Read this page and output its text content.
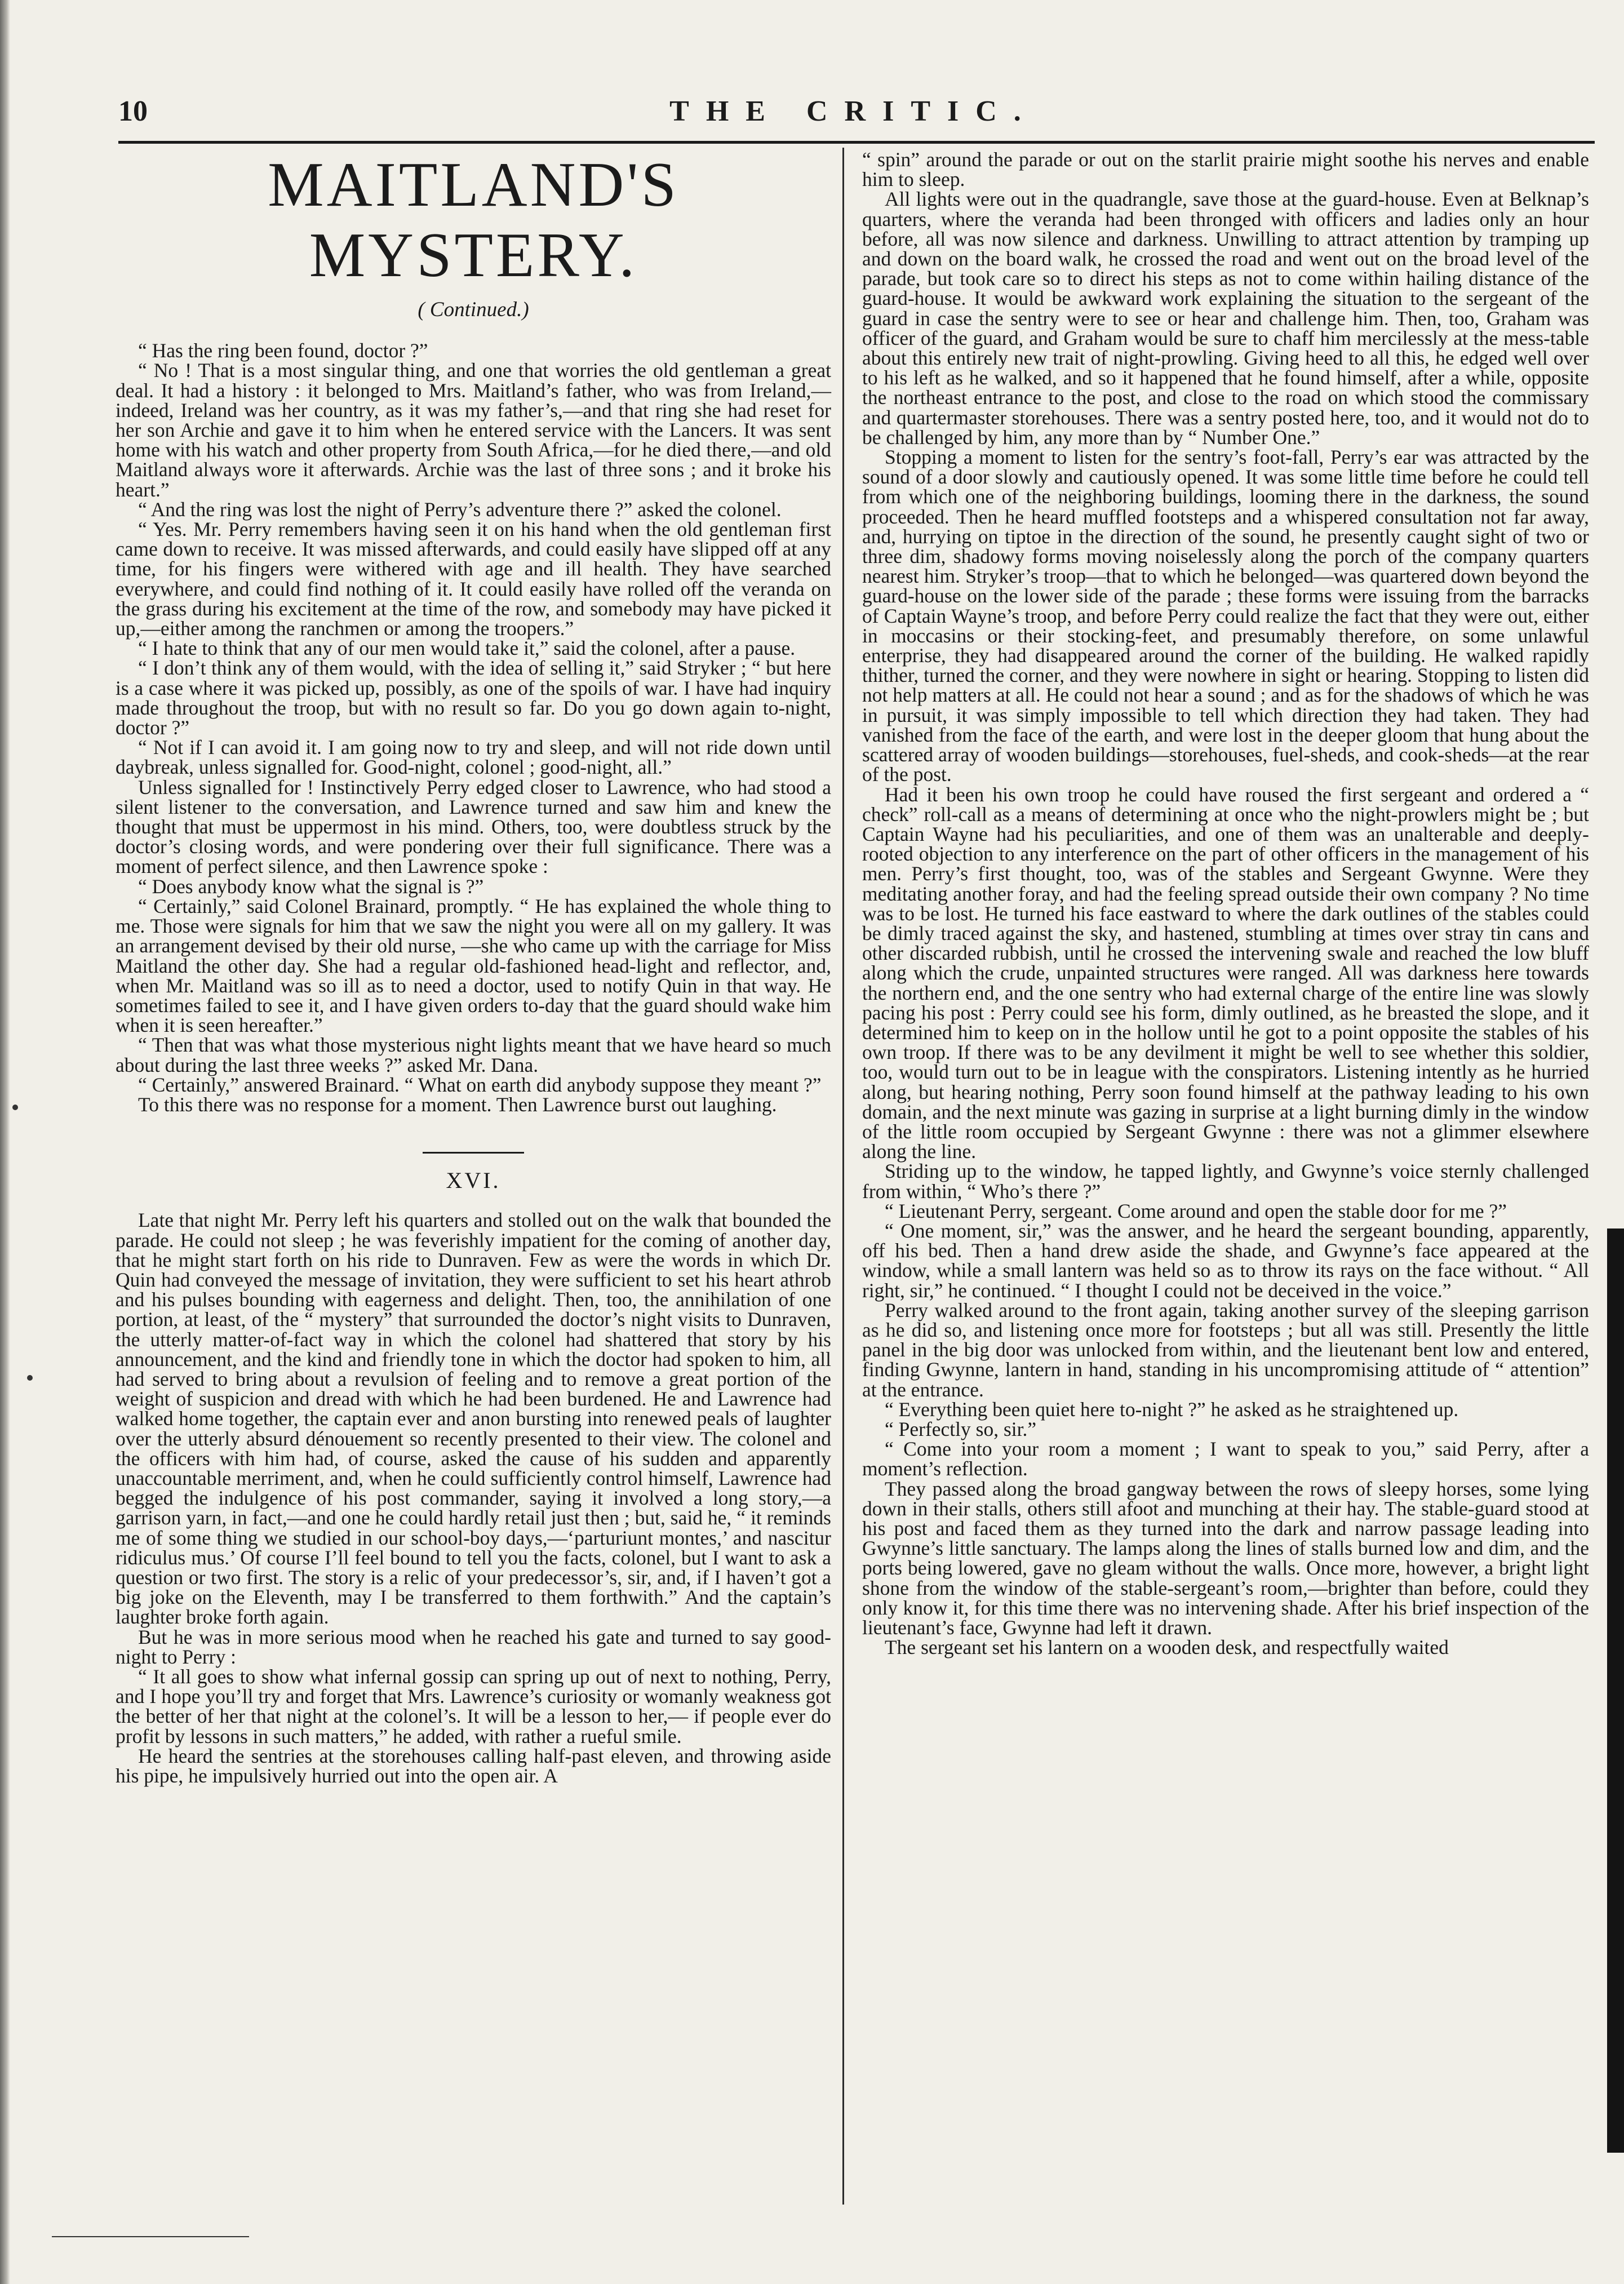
10	THE CRITIC.
MAITLAND'S MYSTERY.
( Continued.)

“ Has the ring been found, doctor ?”

“ No ! That is a most singular thing, and one that worries the old gentleman a great deal. It had a history : it belonged to Mrs. Maitland’s father, who was from Ireland,—indeed, Ireland was her country, as it was my father’s,—and that ring she had reset for her son Archie and gave it to him when he entered service with the Lancers. It was sent home with his watch and other property from South Africa,—for he died there,—and old Maitland always wore it afterwards. Archie was the last of three sons ; and it broke his heart.”

“ And the ring was lost the night of Perry’s adventure there ?” asked the colonel.

“ Yes. Mr. Perry remembers having seen it on his hand when the old gentleman first came down to receive. It was missed afterwards, and could easily have slipped off at any time, for his fingers were withered with age and ill health. They have searched everywhere, and could find nothing of it. It could easily have rolled off the veranda on the grass during his excitement at the time of the row, and somebody may have picked it up,—either among the ranchmen or among the troopers.”

“ I hate to think that any of our men would take it,” said the colonel, after a pause.

“ I don’t think any of them would, with the idea of selling it,” said Stryker ; “ but here is a case where it was picked up, possibly, as one of the spoils of war. I have had inquiry made throughout the troop, but with no result so far. Do you go down again to-night, doctor ?”

“ Not if I can avoid it. I am going now to try and sleep, and will not ride down until daybreak, unless signalled for. Good-night, colonel ; good-night, all.”

Unless signalled for ! Instinctively Perry edged closer to Lawrence, who had stood a silent listener to the conversation, and Lawrence turned and saw him and knew the thought that must be uppermost in his mind. Others, too, were doubtless struck by the doctor’s closing words, and were pondering over their full significance. There was a moment of perfect silence, and then Lawrence spoke :

“ Does anybody know what the signal is ?”

“ Certainly,” said Colonel Brainard, promptly. “ He has explained the whole thing to me. Those were signals for him that we saw the night you were all on my gallery. It was an arrangement devised by their old nurse, —she who came up with the carriage for Miss Maitland the other day. She had a regular old-fashioned head-light and reflector, and, when Mr. Maitland was so ill as to need a doctor, used to notify Quin in that way. He sometimes failed to see it, and I have given orders to-day that the guard should wake him when it is seen hereafter.”

“ Then that was what those mysterious night lights meant that we have heard so much about during the last three weeks ?” asked Mr. Dana.

“ Certainly,” answered Brainard. “ What on earth did anybody suppose they meant ?”

To this there was no response for a moment. Then Lawrence burst out laughing.

XVI.

Late that night Mr. Perry left his quarters and stolled out on the walk that bounded the parade. He could not sleep ; he was feverishly impatient for the coming of another day, that he might start forth on his ride to Dunraven. Few as were the words in which Dr. Quin had conveyed the message of invitation, they were sufficient to set his heart athrob and his pulses bounding with eagerness and delight. Then, too, the annihilation of one portion, at least, of the “ mystery” that surrounded the doctor’s night visits to Dunraven, the utterly matter-of-fact way in which the colonel had shattered that story by his announcement, and the kind and friendly tone in which the doctor had spoken to him, all had served to bring about a revulsion of feeling and to remove a great portion of the weight of suspicion and dread with which he had been burdened. He and Lawrence had walked home together, the captain ever and anon bursting into renewed peals of laughter over the utterly absurd dénouement so recently presented to their view. The colonel and the officers with him had, of course, asked the cause of his sudden and apparently unaccountable merriment, and, when he could sufficiently control himself, Lawrence had begged the indulgence of his post commander, saying it involved a long story,—a garrison yarn, in fact,—and one he could hardly retail just then ; but, said he, “ it reminds me of some thing we studied in our school-boy days,—‘parturiunt montes,’ and nascitur ridiculus mus.’ Of course I’ll feel bound to tell you the facts, colonel, but I want to ask a question or two first. The story is a relic of your predecessor’s, sir, and, if I haven’t got a big joke on the Eleventh, may I be transferred to them forthwith.” And the captain’s laughter broke forth again.

But he was in more serious mood when he reached his gate and turned to say good-night to Perry :

“ It all goes to show what infernal gossip can spring up out of next to nothing, Perry, and I hope you’ll try and forget that Mrs. Lawrence’s curiosity or womanly weakness got the better of her that night at the colonel’s. It will be a lesson to her,— if people ever do profit by lessons in such matters,” he added, with rather a rueful smile.

He heard the sentries at the storehouses calling half-past eleven, and throwing aside his pipe, he impulsively hurried out into the open air. A

“ spin” around the parade or out on the starlit prairie might soothe his nerves and enable him to sleep.

All lights were out in the quadrangle, save those at the guard-house. Even at Belknap’s quarters, where the veranda had been thronged with officers and ladies only an hour before, all was now silence and darkness. Unwilling to attract attention by tramping up and down on the board walk, he crossed the road and went out on the broad level of the parade, but took care so to direct his steps as not to come within hailing distance of the guard-house. It would be awkward work explaining the situation to the sergeant of the guard in case the sentry were to see or hear and challenge him. Then, too, Graham was officer of the guard, and Graham would be sure to chaff him mercilessly at the mess-table about this entirely new trait of night-prowling. Giving heed to all this, he edged well over to his left as he walked, and so it happened that he found himself, after a while, opposite the northeast entrance to the post, and close to the road on which stood the commissary and quartermaster storehouses. There was a sentry posted here, too, and it would not do to be challenged by him, any more than by “ Number One.”

Stopping a moment to listen for the sentry’s foot-fall, Perry’s ear was attracted by the sound of a door slowly and cautiously opened. It was some little time before he could tell from which one of the neighboring buildings, looming there in the darkness, the sound proceeded. Then he heard muffled footsteps and a whispered consultation not far away, and, hurrying on tiptoe in the direction of the sound, he presently caught sight of two or three dim, shadowy forms moving noiselessly along the porch of the company quarters nearest him. Stryker’s troop—that to which he belonged—was quartered down beyond the guard-house on the lower side of the parade ; these forms were issuing from the barracks of Captain Wayne’s troop, and before Perry could realize the fact that they were out, either in moccasins or their stocking-feet, and presumably therefore, on some unlawful enterprise, they had disappeared around the corner of the building. He walked rapidly thither, turned the corner, and they were nowhere in sight or hearing. Stopping to listen did not help matters at all. He could not hear a sound ; and as for the shadows of which he was in pursuit, it was simply impossible to tell which direction they had taken. They had vanished from the face of the earth, and were lost in the deeper gloom that hung about the scattered array of wooden buildings—storehouses, fuel-sheds, and cook-sheds—at the rear of the post.

Had it been his own troop he could have roused the first sergeant and ordered a “ check” roll-call as a means of determining at once who the night-prowlers might be ; but Captain Wayne had his peculiarities, and one of them was an unalterable and deeply-rooted objection to any interference on the part of other officers in the management of his men. Perry’s first thought, too, was of the stables and Sergeant Gwynne. Were they meditating another foray, and had the feeling spread outside their own company ? No time was to be lost. He turned his face eastward to where the dark outlines of the stables could be dimly traced against the sky, and hastened, stumbling at times over stray tin cans and other discarded rubbish, until he crossed the intervening swale and reached the low bluff along which the crude, unpainted structures were ranged. All was darkness here towards the northern end, and the one sentry who had external charge of the entire line was slowly pacing his post : Perry could see his form, dimly outlined, as he breasted the slope, and it determined him to keep on in the hollow until he got to a point opposite the stables of his own troop. If there was to be any devilment it might be well to see whether this soldier, too, would turn out to be in league with the conspirators. Listening intently as he hurried along, but hearing nothing, Perry soon found himself at the pathway leading to his own domain, and the next minute was gazing in surprise at a light burning dimly in the window of the little room occupied by Sergeant Gwynne : there was not a glimmer elsewhere along the line.

Striding up to the window, he tapped lightly, and Gwynne’s voice sternly challenged from within, “ Who’s there ?”

“ Lieutenant Perry, sergeant. Come around and open the stable door for me ?”

“ One moment, sir,” was the answer, and he heard the sergeant bounding, apparently, off his bed. Then a hand drew aside the shade, and Gwynne’s face appeared at the window, while a small lantern was held so as to throw its rays on the face without. “ All right, sir,” he continued. “ I thought I could not be deceived in the voice.”

Perry walked around to the front again, taking another survey of the sleeping garrison as he did so, and listening once more for footsteps ; but all was still. Presently the little panel in the big door was unlocked from within, and the lieutenant bent low and entered, finding Gwynne, lantern in hand, standing in his uncompromising attitude of “ attention” at the entrance.

“ Everything been quiet here to-night ?” he asked as he straightened up.

“ Perfectly so, sir.”

“ Come into your room a moment ; I want to speak to you,” said Perry, after a moment’s reflection.

They passed along the broad gangway between the rows of sleepy horses, some lying down in their stalls, others still afoot and munching at their hay. The stable-guard stood at his post and faced them as they turned into the dark and narrow passage leading into Gwynne’s little sanctuary. The lamps along the lines of stalls burned low and dim, and the ports being lowered, gave no gleam without the walls. Once more, however, a bright light shone from the window of the stable-sergeant’s room,—brighter than before, could they only know it, for this time there was no intervening shade. After his brief inspection of the lieutenant’s face, Gwynne had left it drawn.

The sergeant set his lantern on a wooden desk, and respectfully waited
